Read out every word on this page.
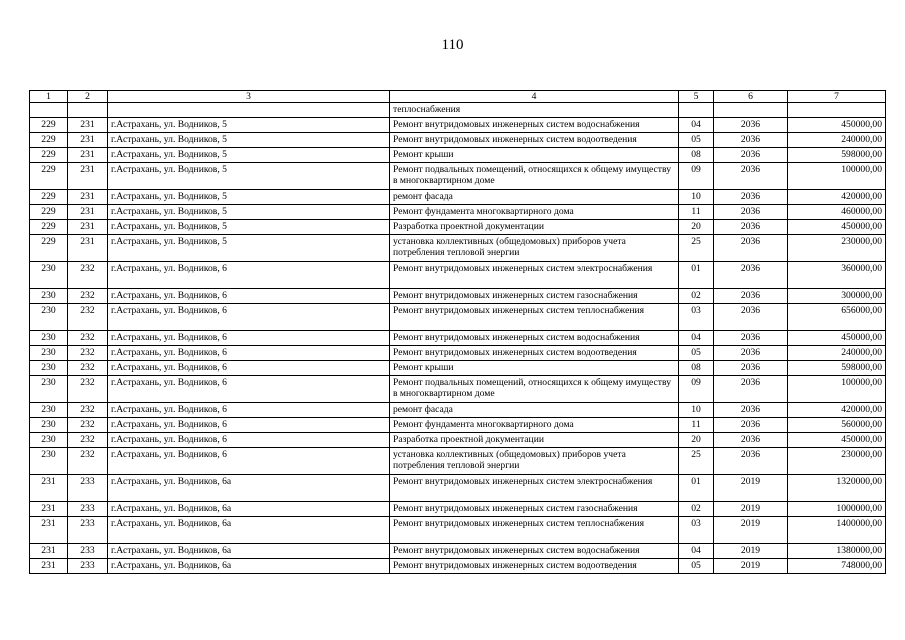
110
1	2	3	4	5	6	7
			теплоснабжения			
229	231	г.Астрахань, ул. Водников, 5	Ремонт внутридомовых инженерных систем водоснабжения	04	2036	450000,00
229	231	г.Астрахань, ул. Водников, 5	Ремонт внутридомовых инженерных систем водоотведения	05	2036	240000,00
229	231	г.Астрахань, ул. Водников, 5	Ремонт крыши	08	2036	598000,00
229	231	г.Астрахань, ул. Водников, 5	Ремонт подвальных помещений, относящихся к общему имуществу в многоквартирном доме	09	2036	100000,00
229	231	г.Астрахань, ул. Водников, 5	ремонт фасада	10	2036	420000,00
229	231	г.Астрахань, ул. Водников, 5	Ремонт фундамента многоквартирного дома	11	2036	460000,00
229	231	г.Астрахань, ул. Водников, 5	Разработка проектной документации	20	2036	450000,00
229	231	г.Астрахань, ул. Водников, 5	установка коллективных (общедомовых) приборов учета потребления тепловой энергии	25	2036	230000,00
230	232	г.Астрахань, ул. Водников, 6	Ремонт внутридомовых инженерных систем электроснабжения	01	2036	360000,00
230	232	г.Астрахань, ул. Водников, 6	Ремонт внутридомовых инженерных систем газоснабжения	02	2036	300000,00
230	232	г.Астрахань, ул. Водников, 6	Ремонт внутридомовых инженерных систем теплоснабжения	03	2036	656000,00
230	232	г.Астрахань, ул. Водников, 6	Ремонт внутридомовых инженерных систем водоснабжения	04	2036	450000,00
230	232	г.Астрахань, ул. Водников, 6	Ремонт внутридомовых инженерных систем водоотведения	05	2036	240000,00
230	232	г.Астрахань, ул. Водников, 6	Ремонт крыши	08	2036	598000,00
230	232	г.Астрахань, ул. Водников, 6	Ремонт подвальных помещений, относящихся к общему имуществу в многоквартирном доме	09	2036	100000,00
230	232	г.Астрахань, ул. Водников, 6	ремонт фасада	10	2036	420000,00
230	232	г.Астрахань, ул. Водников, 6	Ремонт фундамента многоквартирного дома	11	2036	560000,00
230	232	г.Астрахань, ул. Водников, 6	Разработка проектной документации	20	2036	450000,00
230	232	г.Астрахань, ул. Водников, 6	установка коллективных (общедомовых) приборов учета потребления тепловой энергии	25	2036	230000,00
231	233	г.Астрахань, ул. Водников, 6а	Ремонт внутридомовых инженерных систем электроснабжения	01	2019	1320000,00
231	233	г.Астрахань, ул. Водников, 6а	Ремонт внутридомовых инженерных систем газоснабжения	02	2019	1000000,00
231	233	г.Астрахань, ул. Водников, 6а	Ремонт внутридомовых инженерных систем теплоснабжения	03	2019	1400000,00
231	233	г.Астрахань, ул. Водников, 6а	Ремонт внутридомовых инженерных систем водоснабжения	04	2019	1380000,00
231	233	г.Астрахань, ул. Водников, 6а	Ремонт внутридомовых инженерных систем водоотведения	05	2019	748000,00
